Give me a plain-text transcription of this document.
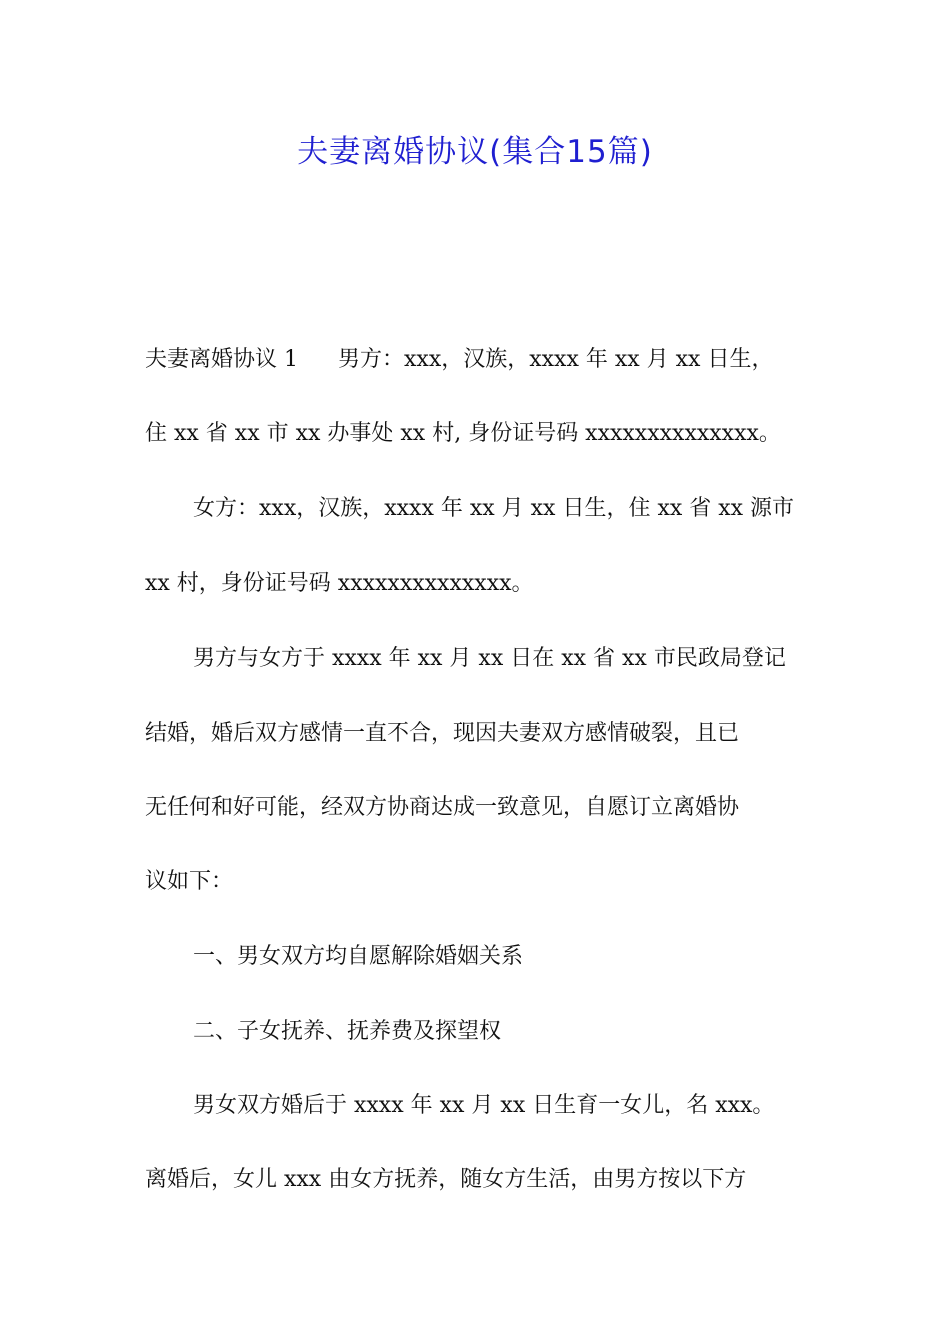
夫妻离婚协议(集合15篇)

夫妻离婚协议 1 男方：xxx，汉族，xxxx 年 xx 月 xx 日生，

住 xx 省 xx 市 xx 办事处 xx 村, 身份证号码 xxxxxxxxxxxxxx。

女方：xxx，汉族，xxxx 年 xx 月 xx 日生，住 xx 省 xx 源市

xx 村，身份证号码 xxxxxxxxxxxxxx。

男方与女方于 xxxx 年 xx 月 xx 日在 xx 省 xx 市民政局登记

结婚，婚后双方感情一直不合，现因夫妻双方感情破裂，且已

无任何和好可能，经双方协商达成一致意见，自愿订立离婚协

议如下：

一、男女双方均自愿解除婚姻关系

二、子女抚养、抚养费及探望权

男女双方婚后于 xxxx 年 xx 月 xx 日生育一女儿，名 xxx。

离婚后，女儿 xxx 由女方抚养，随女方生活，由男方按以下方
